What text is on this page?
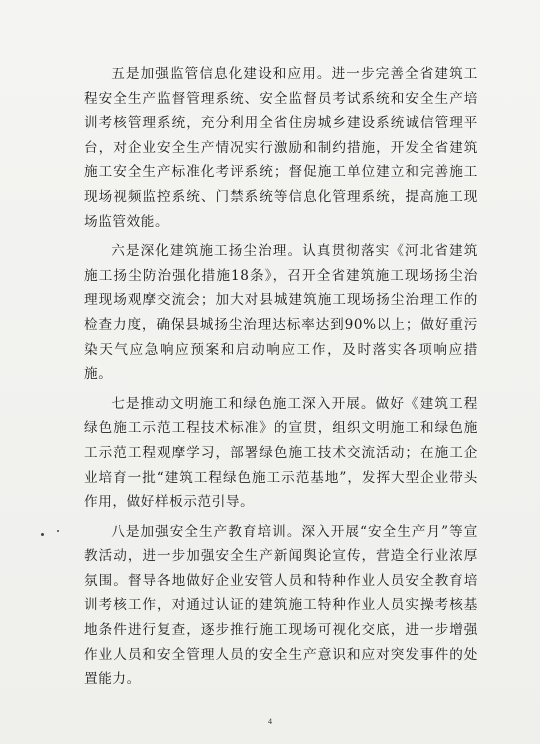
五是加强监管信息化建设和应用。进一步完善全省建筑工程安全生产监督管理系统、安全监督员考试系统和安全生产培训考核管理系统，充分利用全省住房城乡建设系统诚信管理平台，对企业安全生产情况实行激励和制约措施，开发全省建筑施工安全生产标准化考评系统；督促施工单位建立和完善施工现场视频监控系统、门禁系统等信息化管理系统，提高施工现场监管效能。

六是深化建筑施工扬尘治理。认真贯彻落实《河北省建筑施工扬尘防治强化措施18条》，召开全省建筑施工现场扬尘治理现场观摩交流会；加大对县城建筑施工现场扬尘治理工作的检查力度，确保县城扬尘治理达标率达到90%以上；做好重污染天气应急响应预案和启动响应工作，及时落实各项响应措施。

七是推动文明施工和绿色施工深入开展。做好《建筑工程绿色施工示范工程技术标准》的宣贯，组织文明施工和绿色施工示范工程观摩学习，部署绿色施工技术交流活动；在施工企业培育一批“建筑工程绿色施工示范基地”，发挥大型企业带头作用，做好样板示范引导。

八是加强安全生产教育培训。深入开展“安全生产月”等宣教活动，进一步加强安全生产新闻舆论宣传，营造全行业浓厚氛围。督导各地做好企业安管人员和特种作业人员安全教育培训考核工作，对通过认证的建筑施工特种作业人员实操考核基地条件进行复查，逐步推行施工现场可视化交底，进一步增强作业人员和安全管理人员的安全生产意识和应对突发事件的处置能力。

4
